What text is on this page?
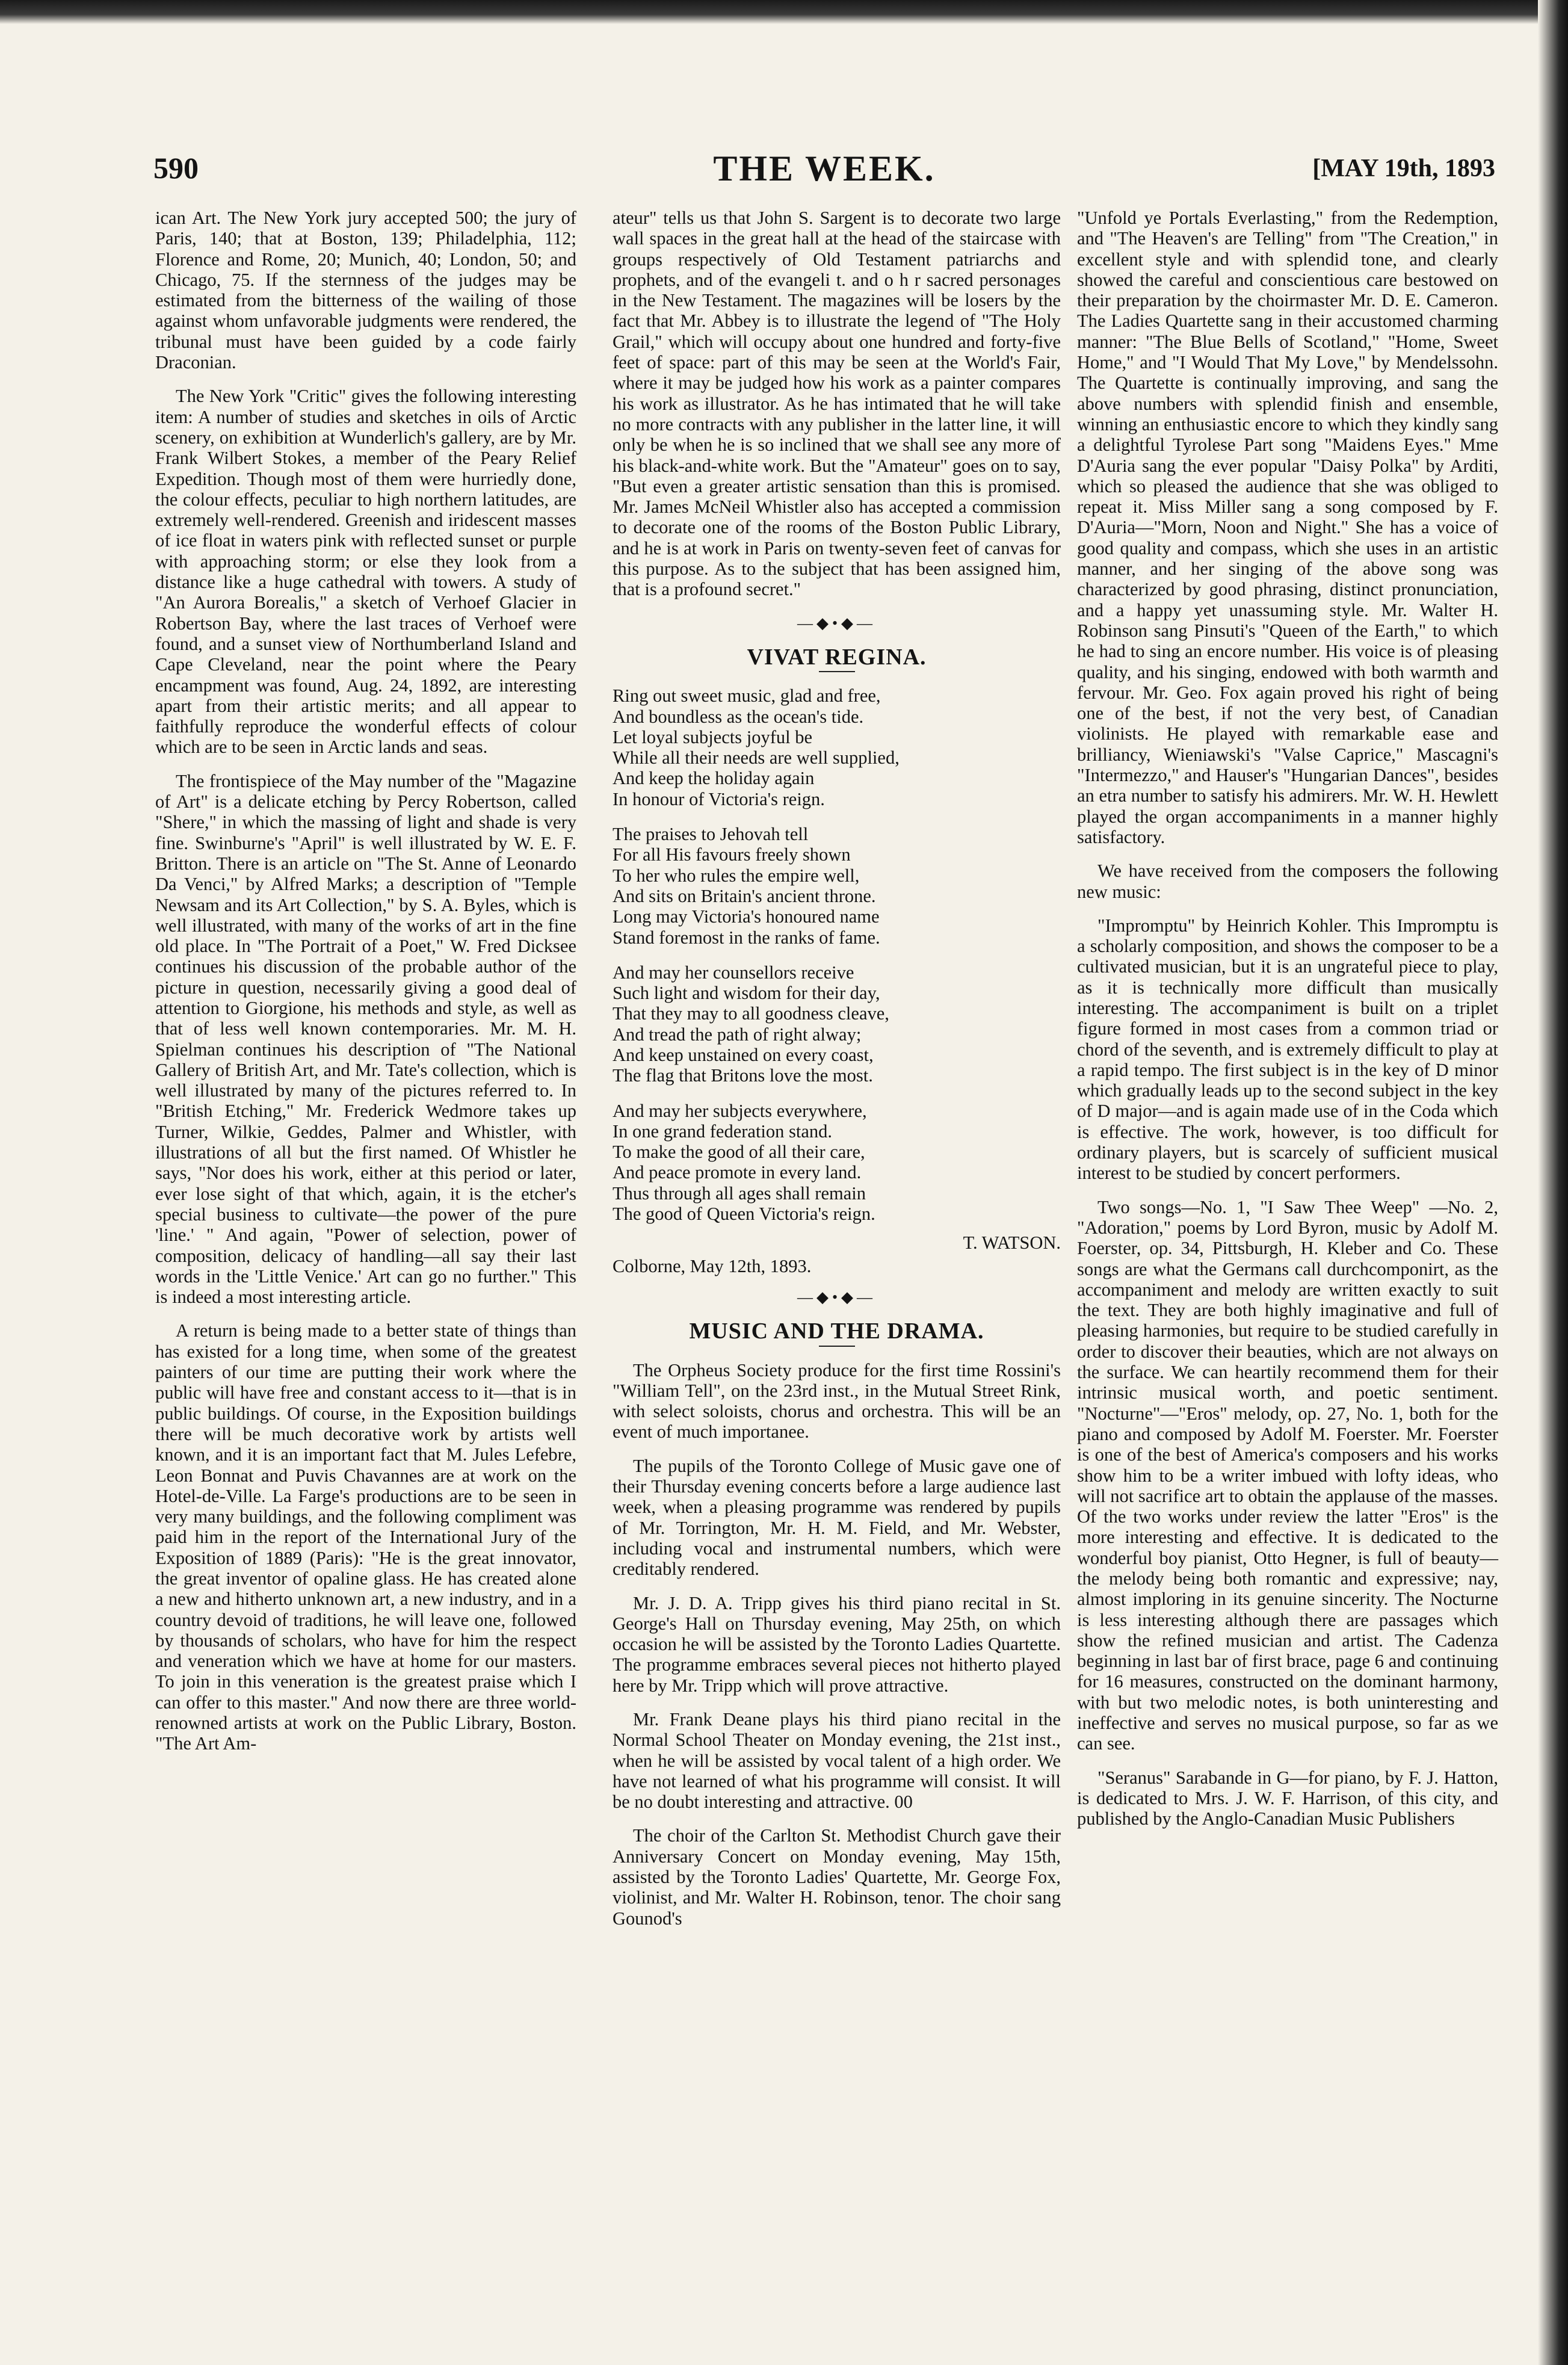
590	THE WEEK.	[MAY 19th, 1893

ican Art. The New York jury accepted 500; the jury of Paris, 140; that at Boston, 139; Philadelphia, 112; Florence and Rome, 20; Munich, 40; London, 50; and Chicago, 75. If the sternness of the judges may be estimated from the bitterness of the wailing of those against whom unfavorable judgments were rendered, the tribunal must have been guided by a code fairly Draconian.

The New York "Critic" gives the following interesting item: A number of studies and sketches in oils of Arctic scenery, on exhibition at Wunderlich's gallery, are by Mr. Frank Wilbert Stokes, a member of the Peary Relief Expedition. Though most of them were hurriedly done, the colour effects, peculiar to high northern latitudes, are extremely well-rendered. Greenish and iridescent masses of ice float in waters pink with reflected sunset or purple with approaching storm; or else they look from a distance like a huge cathedral with towers. A study of "An Aurora Borealis," a sketch of Verhoef Glacier in Robertson Bay, where the last traces of Verhoef were found, and a sunset view of Northumberland Island and Cape Cleveland, near the point where the Peary encampment was found, Aug. 24, 1892, are interesting apart from their artistic merits; and all appear to faithfully reproduce the wonderful effects of colour which are to be seen in Arctic lands and seas.

The frontispiece of the May number of the "Magazine of Art" is a delicate etching by Percy Robertson, called "Shere," in which the massing of light and shade is very fine. Swinburne's "April" is well illustrated by W. E. F. Britton. There is an article on "The St. Anne of Leonardo Da Venci," by Alfred Marks; a description of "Temple Newsam and its Art Collection," by S. A. Byles, which is well illustrated, with many of the works of art in the fine old place. In "The Portrait of a Poet," W. Fred Dicksee continues his discussion of the probable author of the picture in question, necessarily giving a good deal of attention to Giorgione, his methods and style, as well as that of less well known contemporaries. Mr. M. H. Spielman continues his description of "The National Gallery of British Art, and Mr. Tate's collection, which is well illustrated by many of the pictures referred to. In "British Etching," Mr. Frederick Wedmore takes up Turner, Wilkie, Geddes, Palmer and Whistler, with illustrations of all but the first named. Of Whistler he says, "Nor does his work, either at this period or later, ever lose sight of that which, again, it is the etcher's special business to cultivate—the power of the pure 'line.' " And again, "Power of selection, power of composition, delicacy of handling—all say their last words in the 'Little Venice.' Art can go no further." This is indeed a most interesting article.

A return is being made to a better state of things than has existed for a long time, when some of the greatest painters of our time are putting their work where the public will have free and constant access to it—that is in public buildings. Of course, in the Exposition buildings there will be much decorative work by artists well known, and it is an important fact that M. Jules Lefebre, Leon Bonnat and Puvis Chavannes are at work on the Hotel-de-Ville. La Farge's productions are to be seen in very many buildings, and the following compliment was paid him in the report of the International Jury of the Exposition of 1889 (Paris): "He is the great innovator, the great inventor of opaline glass. He has created alone a new and hitherto unknown art, a new industry, and in a country devoid of traditions, he will leave one, followed by thousands of scholars, who have for him the respect and veneration which we have at home for our masters. To join in this veneration is the greatest praise which I can offer to this master." And now there are three world-renowned artists at work on the Public Library, Boston. "The Art Am-

ateur" tells us that John S. Sargent is to decorate two large wall spaces in the great hall at the head of the staircase with groups respectively of Old Testament patriarchs and prophets, and of the evangeli t. and o h r sacred personages in the New Testament. The magazines will be losers by the fact that Mr. Abbey is to illustrate the legend of "The Holy Grail," which will occupy about one hundred and forty-five feet of space: part of this may be seen at the World's Fair, where it may be judged how his work as a painter compares his work as illustrator. As he has intimated that he will take no more contracts with any publisher in the latter line, it will only be when he is so inclined that we shall see any more of his black-and-white work. But the "Amateur" goes on to say, "But even a greater artistic sensation than this is promised. Mr. James McNeil Whistler also has accepted a commission to decorate one of the rooms of the Boston Public Library, and he is at work in Paris on twenty-seven feet of canvas for this purpose. As to the subject that has been assigned him, that is a profound secret."

—◆•◆—
VIVAT REGINA.
Ring out sweet music, glad and free,
And boundless as the ocean's tide.
Let loyal subjects joyful be
While all their needs are well supplied,
And keep the holiday again
In honour of Victoria's reign.
The praises to Jehovah tell
For all His favours freely shown
To her who rules the empire well,
And sits on Britain's ancient throne.
Long may Victoria's honoured name
Stand foremost in the ranks of fame.
And may her counsellors receive
Such light and wisdom for their day,
That they may to all goodness cleave,
And tread the path of right alway;
And keep unstained on every coast,
The flag that Britons love the most.
And may her subjects everywhere,
In one grand federation stand.
To make the good of all their care,
And peace promote in every land.
Thus through all ages shall remain
The good of Queen Victoria's reign.
T. WATSON.
Colborne, May 12th, 1893.
—◆•◆—
MUSIC AND THE DRAMA.

The Orpheus Society produce for the first time Rossini's "William Tell", on the 23rd inst., in the Mutual Street Rink, with select soloists, chorus and orchestra. This will be an event of much importanee.

The pupils of the Toronto College of Music gave one of their Thursday evening concerts before a large audience last week, when a pleasing programme was rendered by pupils of Mr. Torrington, Mr. H. M. Field, and Mr. Webster, including vocal and instrumental numbers, which were creditably rendered.

Mr. J. D. A. Tripp gives his third piano recital in St. George's Hall on Thursday evening, May 25th, on which occasion he will be assisted by the Toronto Ladies Quartette. The programme embraces several pieces not hitherto played here by Mr. Tripp which will prove attractive.

Mr. Frank Deane plays his third piano recital in the Normal School Theater on Monday evening, the 21st inst., when he will be assisted by vocal talent of a high order. We have not learned of what his programme will consist. It will be no doubt interesting and attractive. 00

The choir of the Carlton St. Methodist Church gave their Anniversary Concert on Monday evening, May 15th, assisted by the Toronto Ladies' Quartette, Mr. George Fox, violinist, and Mr. Walter H. Robinson, tenor. The choir sang Gounod's

"Unfold ye Portals Everlasting," from the Redemption, and "The Heaven's are Telling" from "The Creation," in excellent style and with splendid tone, and clearly showed the careful and conscientious care bestowed on their preparation by the choirmaster Mr. D. E. Cameron. The Ladies Quartette sang in their accustomed charming manner: "The Blue Bells of Scotland," "Home, Sweet Home," and "I Would That My Love," by Mendelssohn. The Quartette is continually improving, and sang the above numbers with splendid finish and ensemble, winning an enthusiastic encore to which they kindly sang a delightful Tyrolese Part song "Maidens Eyes." Mme D'Auria sang the ever popular "Daisy Polka" by Arditi, which so pleased the audience that she was obliged to repeat it. Miss Miller sang a song composed by F. D'Auria—"Morn, Noon and Night." She has a voice of good quality and compass, which she uses in an artistic manner, and her singing of the above song was characterized by good phrasing, distinct pronunciation, and a happy yet unassuming style. Mr. Walter H. Robinson sang Pinsuti's "Queen of the Earth," to which he had to sing an encore number. His voice is of pleasing quality, and his singing, endowed with both warmth and fervour. Mr. Geo. Fox again proved his right of being one of the best, if not the very best, of Canadian violinists. He played with remarkable ease and brilliancy, Wieniawski's "Valse Caprice," Mascagni's "Intermezzo," and Hauser's "Hungarian Dances", besides an etra number to satisfy his admirers. Mr. W. H. Hewlett played the organ accompaniments in a manner highly satisfactory.

We have received from the composers the following new music:

"Impromptu" by Heinrich Kohler. This Impromptu is a scholarly composition, and shows the composer to be a cultivated musician, but it is an ungrateful piece to play, as it is technically more difficult than musically interesting. The accompaniment is built on a triplet figure formed in most cases from a common triad or chord of the seventh, and is extremely difficult to play at a rapid tempo. The first subject is in the key of D minor which gradually leads up to the second subject in the key of D major—and is again made use of in the Coda which is effective. The work, however, is too difficult for ordinary players, but is scarcely of sufficient musical interest to be studied by concert performers.

Two songs—No. 1, "I Saw Thee Weep" —No. 2, "Adoration," poems by Lord Byron, music by Adolf M. Foerster, op. 34, Pittsburgh, H. Kleber and Co. These songs are what the Germans call durchcomponirt, as the accompaniment and melody are written exactly to suit the text. They are both highly imaginative and full of pleasing harmonies, but require to be studied carefully in order to discover their beauties, which are not always on the surface. We can heartily recommend them for their intrinsic musical worth, and poetic sentiment. "Nocturne"—"Eros" melody, op. 27, No. 1, both for the piano and composed by Adolf M. Foerster. Mr. Foerster is one of the best of America's composers and his works show him to be a writer imbued with lofty ideas, who will not sacrifice art to obtain the applause of the masses. Of the two works under review the latter "Eros" is the more interesting and effective. It is dedicated to the wonderful boy pianist, Otto Hegner, is full of beauty—the melody being both romantic and expressive; nay, almost imploring in its genuine sincerity. The Nocturne is less interesting although there are passages which show the refined musician and artist. The Cadenza beginning in last bar of first brace, page 6 and continuing for 16 measures, constructed on the dominant harmony, with but two melodic notes, is both uninteresting and ineffective and serves no musical purpose, so far as we can see.

"Seranus" Sarabande in G—for piano, by F. J. Hatton, is dedicated to Mrs. J. W. F. Harrison, of this city, and published by the Anglo-Canadian Music Publishers
